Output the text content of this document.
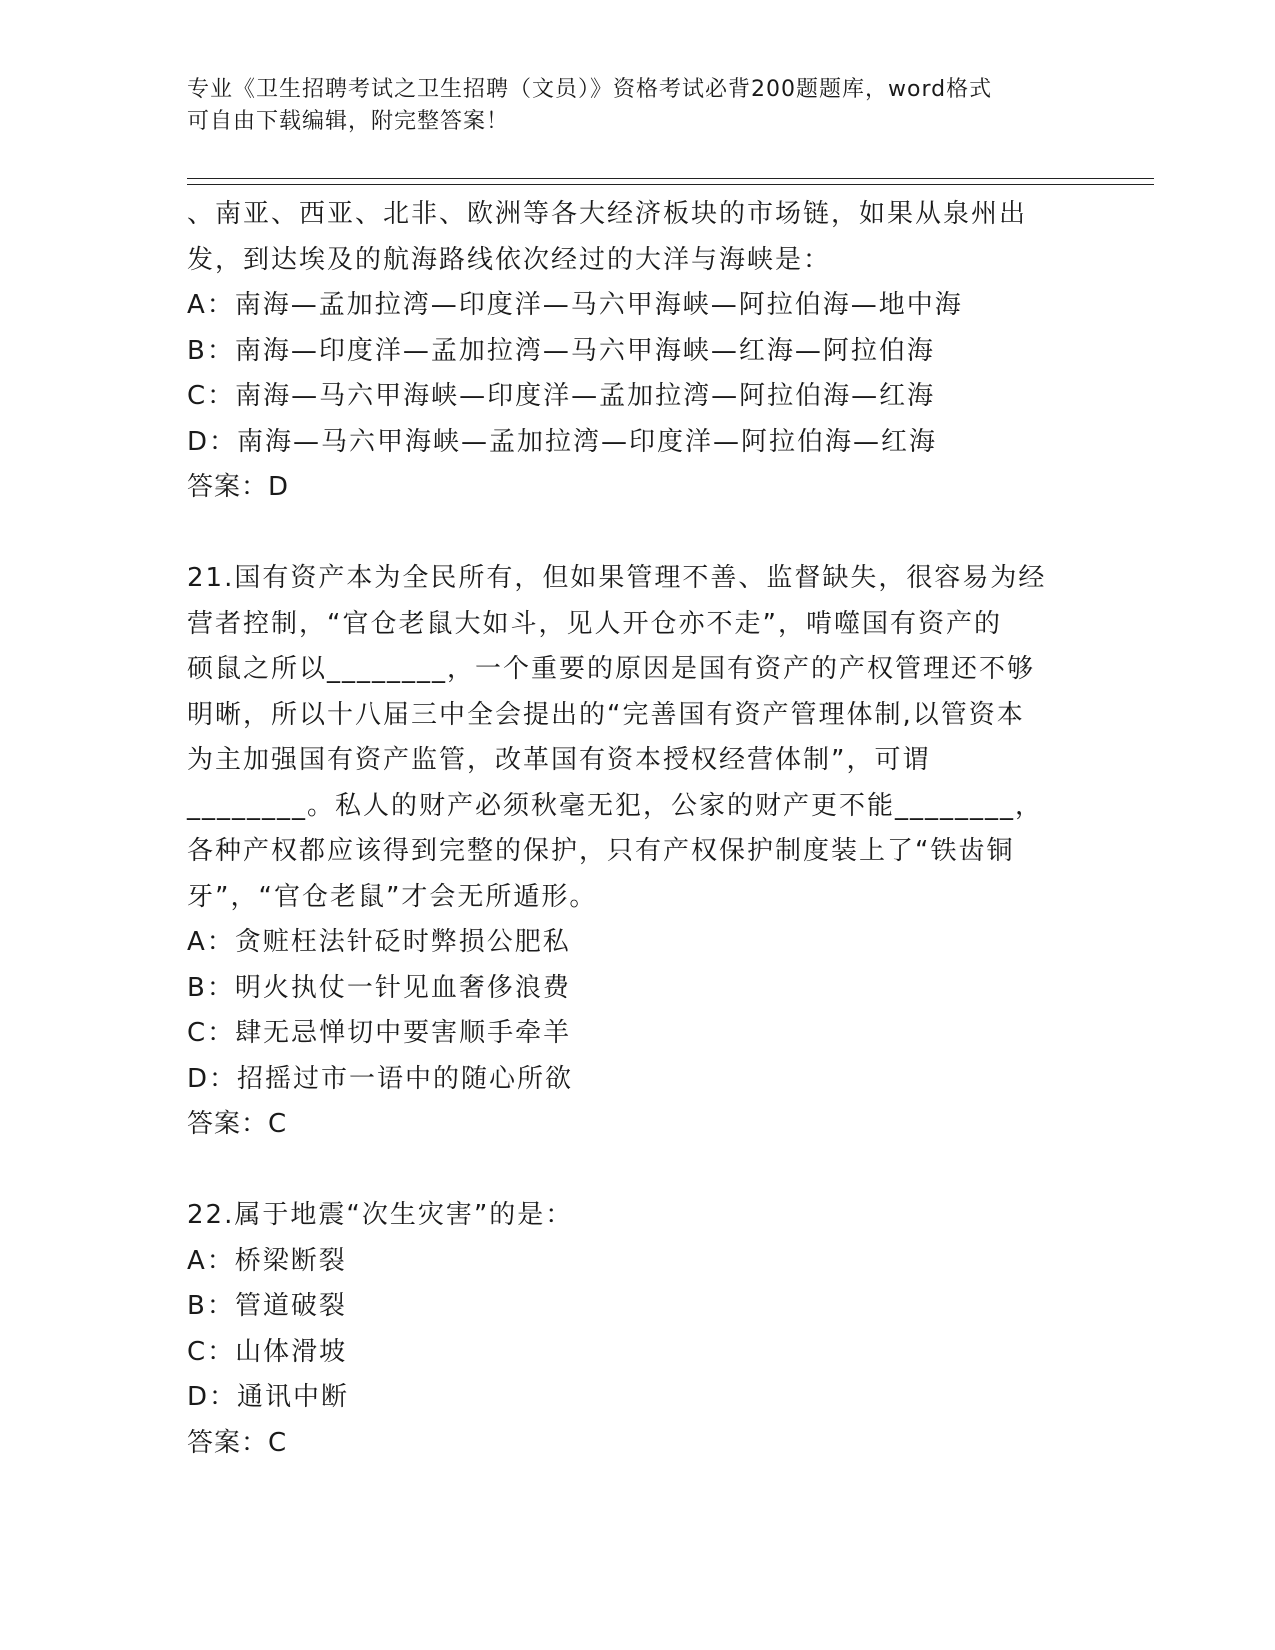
专业《卫生招聘考试之卫生招聘（文员）》资格考试必背200题题库，word格式
可自由下载编辑，附完整答案！
、南亚、西亚、北非、欧洲等各大经济板块的市场链，如果从泉州出
发，到达埃及的航海路线依次经过的大洋与海峡是：
A：南海—孟加拉湾—印度洋—马六甲海峡—阿拉伯海—地中海
B：南海—印度洋—孟加拉湾—马六甲海峡—红海—阿拉伯海
C：南海—马六甲海峡—印度洋—孟加拉湾—阿拉伯海—红海
D：南海—马六甲海峡—孟加拉湾—印度洋—阿拉伯海—红海
答案：D
21.国有资产本为全民所有，但如果管理不善、监督缺失，很容易为经
营者控制，“官仓老鼠大如斗，见人开仓亦不走”，啃噬国有资产的
硕鼠之所以________，一个重要的原因是国有资产的产权管理还不够
明晰，所以十八届三中全会提出的“完善国有资产管理体制,以管资本
为主加强国有资产监管，改革国有资本授权经营体制”，可谓
________。私人的财产必须秋毫无犯，公家的财产更不能________，
各种产权都应该得到完整的保护，只有产权保护制度装上了“铁齿铜
牙”，“官仓老鼠”才会无所遁形。
A：贪赃枉法针砭时弊损公肥私
B：明火执仗一针见血奢侈浪费
C：肆无忌惮切中要害顺手牵羊
D：招摇过市一语中的随心所欲
答案：C
22.属于地震“次生灾害”的是：
A：桥梁断裂
B：管道破裂
C：山体滑坡
D：通讯中断
答案：C
